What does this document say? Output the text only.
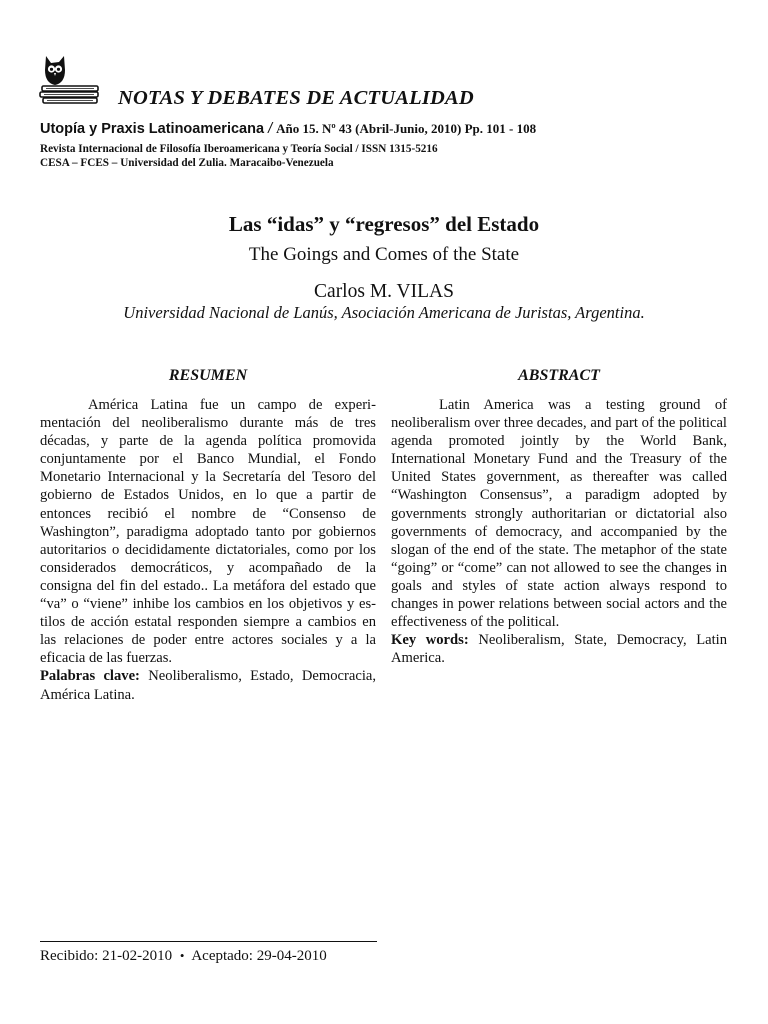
NOTAS Y DEBATES DE ACTUALIDAD
Utopía y Praxis Latinoamericana / Año 15. Nº 43 (Abril-Junio, 2010) Pp. 101 - 108
Revista Internacional de Filosofía Iberoamericana y Teoría Social / ISSN 1315-5216
CESA – FCES – Universidad del Zulia. Maracaibo-Venezuela
Las “idas” y “regresos” del Estado
The Goings and Comes of the State
Carlos M. VILAS
Universidad Nacional de Lanús, Asociación Americana de Juristas, Argentina.
RESUMEN

América Latina fue un campo de experimentación del neoliberalismo durante más de tres décadas, y parte de la agenda política promovida conjuntamente por el Banco Mundial, el Fondo Monetario Internacional y la Secretaría del Tesoro del gobierno de Estados Unidos, en lo que a partir de entonces recibió el nombre de “Consenso de Washington”, paradigma adoptado tanto por gobiernos autoritarios o decididamente dictatoriales, como por los considerados democráticos, y acompañado de la consigna del fin del estado.. La metáfora del estado que “va” o “viene” inhibe los cambios en los objetivos y estilos de acción estatal responden siempre a cambios en las relaciones de poder entre actores sociales y a la eficacia de las fuerzas.

Palabras clave: Neoliberalismo, Estado, Democracia, América Latina.

ABSTRACT

Latin America was a testing ground of neoliberalism over three decades, and part of the political agenda promoted jointly by the World Bank, International Monetary Fund and the Treasury of the United States government, as thereafter was called “Washington Consensus”, a paradigm adopted by governments strongly authoritarian or dictatorial also governments of democracy, and accompanied by the slogan of the end of the state. The metaphor of the state “going” or “come” can not allowed to see the changes in goals and styles of state action always respond to changes in power relations between social actors and the effectiveness of the political.

Key words: Neoliberalism, State, Democracy, Latin America.

Recibido: 21-02-2010 • Aceptado: 29-04-2010
